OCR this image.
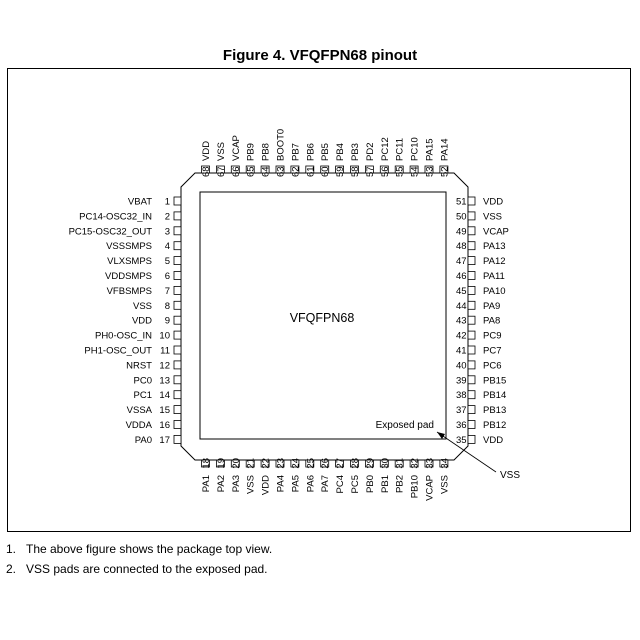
Figure 4. VFQFPN68 pinout
VFQFPN68
Exposed pad
VSS
1
VBAT
2
PC14-OSC32_IN
3
PC15-OSC32_OUT
4
VSSSMPS
5
VLXSMPS
6
VDDSMPS
7
VFBSMPS
8
VSS
9
VDD
10
PH0-OSC_IN
11
PH1-OSC_OUT
12
NRST
13
PC0
14
PC1
15
VSSA
16
VDDA
17
PA0
51 VDD
50 VSS
49 VCAP
48 PA13
47 PA12
46 PA11
45 PA10
44 PA9
43 PA8
42 PC9
41 PC7
40 PC6
39 PB15
38 PB14
37 PB13
36 PB12
35 VDD
18
PA1
19
PA2
20
PA3
21
VSS
22
VDD
23
PA4
24
PA5
25
PA6
26
PA7
27
PC4
28
PC5
29
PB0
30
PB1
31
PB2
32
PB10
33
VCAP
34
VSS
68
VDD
67
VSS
66
VCAP
65
PB9
64
PB8
63
BOOT0
62
PB7
61
PB6
60
PB5
59
PB4
58
PB3
57
PD2
56
PC12
55
PC11
54
PC10
53
PA15
52
PA14
1. The above figure shows the package top view.
2. VSS pads are connected to the exposed pad.
